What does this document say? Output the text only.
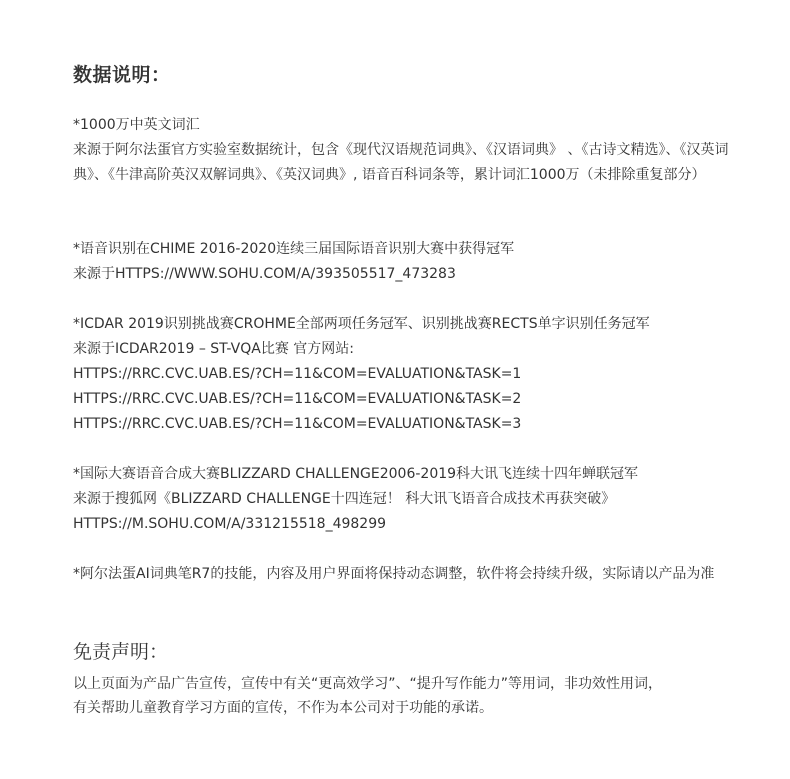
数据说明：
*1000万中英文词汇
来源于阿尔法蛋官方实验室数据统计，包含《现代汉语规范词典》、《汉语词典》 、《古诗文精选》、《汉英词典》、《牛津高阶英汉双解词典》、《英汉词典》, 语音百科词条等，累计词汇1000万（未排除重复部分）
*语音识别在CHIME 2016-2020连续三届国际语音识别大赛中获得冠军
来源于HTTPS://WWW.SOHU.COM/A/393505517_473283
*ICDAR 2019识别挑战赛CROHME全部两项任务冠军、识别挑战赛RECTS单字识别任务冠军
来源于ICDAR2019 – ST-VQA比赛 官方网站:
HTTPS://RRC.CVC.UAB.ES/?CH=11&COM=EVALUATION&TASK=1
HTTPS://RRC.CVC.UAB.ES/?CH=11&COM=EVALUATION&TASK=2
HTTPS://RRC.CVC.UAB.ES/?CH=11&COM=EVALUATION&TASK=3
*国际大赛语音合成大赛BLIZZARD CHALLENGE2006-2019科大讯飞连续十四年蝉联冠军
来源于搜狐网《BLIZZARD CHALLENGE十四连冠！ 科大讯飞语音合成技术再获突破》
HTTPS://M.SOHU.COM/A/331215518_498299
*阿尔法蛋AI词典笔R7的技能，内容及用户界面将保持动态调整，软件将会持续升级，实际请以产品为准
免责声明：
以上页面为产品广告宣传，宣传中有关“更高效学习”、“提升写作能力”等用词，非功效性用词，
有关帮助儿童教育学习方面的宣传，不作为本公司对于功能的承诺。
